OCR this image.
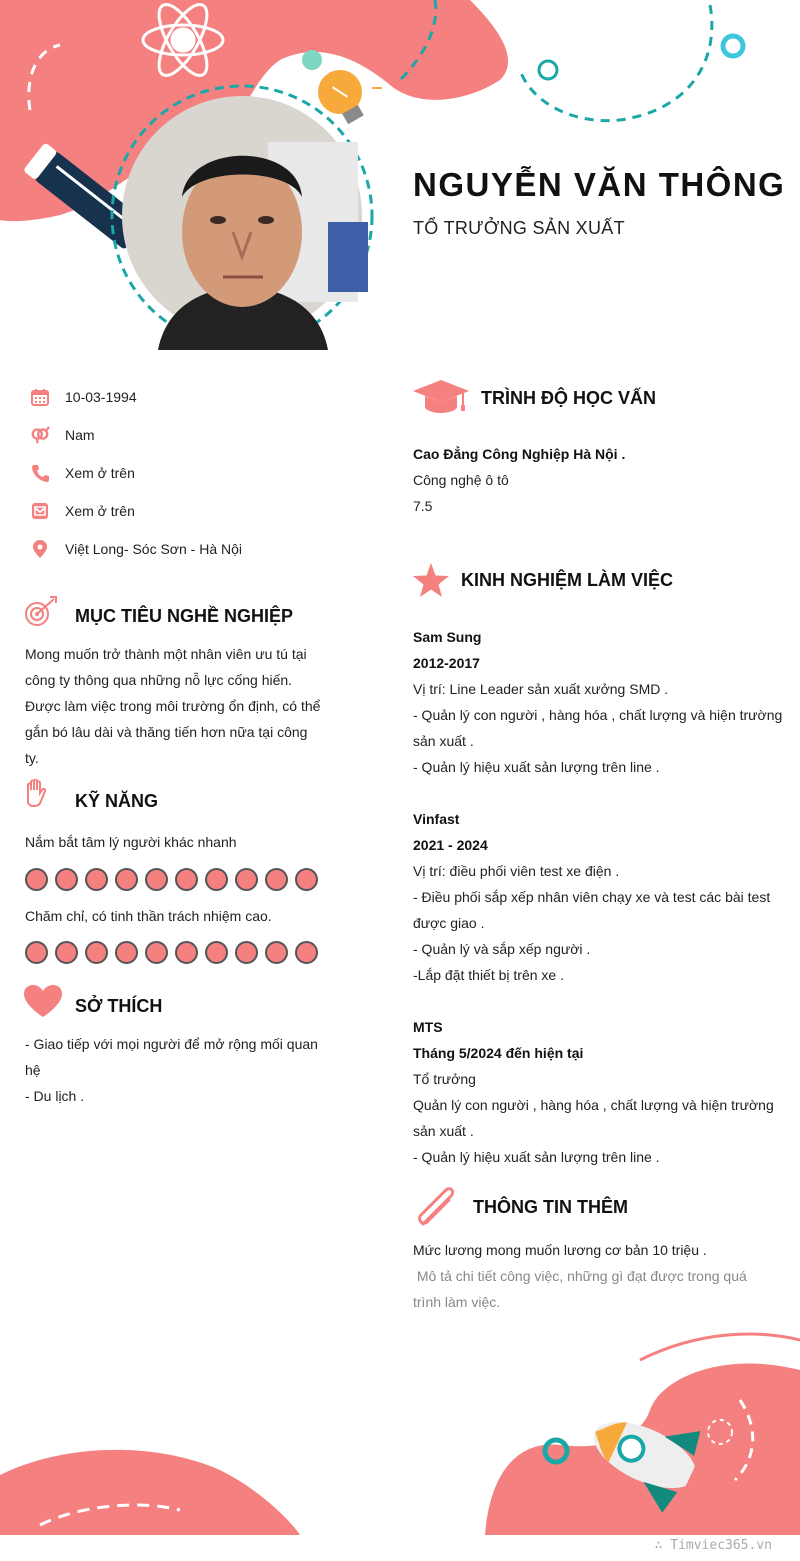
NGUYỄN VĂN THÔNG
TỔ TRƯỞNG SẢN XUẤT
10-03-1994
Nam
Xem ở trên
Xem ở trên
Việt Long- Sóc Sơn - Hà Nội
MỤC TIÊU NGHỀ NGHIỆP
Mong muốn trở thành một nhân viên ưu tú tại
công ty thông qua những nỗ lực cống hiến.
Được làm việc trong môi trường ổn định, có thể
gắn bó lâu dài và thăng tiến hơn nữa tại công
ty.
KỸ NĂNG
Nắm bắt tâm lý người khác nhanh
Chăm chỉ, có tinh thần trách nhiệm cao.
SỞ THÍCH
- Giao tiếp với mọi người để mở rộng mối quan
hệ
- Du lịch .
TRÌNH ĐỘ HỌC VẤN
Cao Đẳng Công Nghiệp Hà Nội .
Công nghệ ô tô
7.5
KINH NGHIỆM LÀM VIỆC
Sam Sung
2012-2017
Vị trí: Line Leader sản xuất xưởng SMD .
- Quản lý con người , hàng hóa , chất lượng và hiện trường
sản xuất .
- Quản lý hiệu xuất sản lượng trên line .
Vinfast
2021 - 2024
Vị trí: điều phối viên test xe điện .
- Điều phối sắp xếp nhân viên chạy xe và test các bài test
được giao .
- Quản lý và sắp xếp người .
-Lắp đặt thiết bị trên xe .
MTS
Tháng 5/2024 đến hiện tại
Tổ trưởng
Quản lý con người , hàng hóa , chất lượng và hiện trường
sản xuất .
- Quản lý hiệu xuất sản lượng trên line .
THÔNG TIN THÊM
Mức lương mong muốn lương cơ bản 10 triệu .
Mô tả chi tiết công việc, những gì đạt được trong quá
trình làm việc.
∴ Timviec365.vn
